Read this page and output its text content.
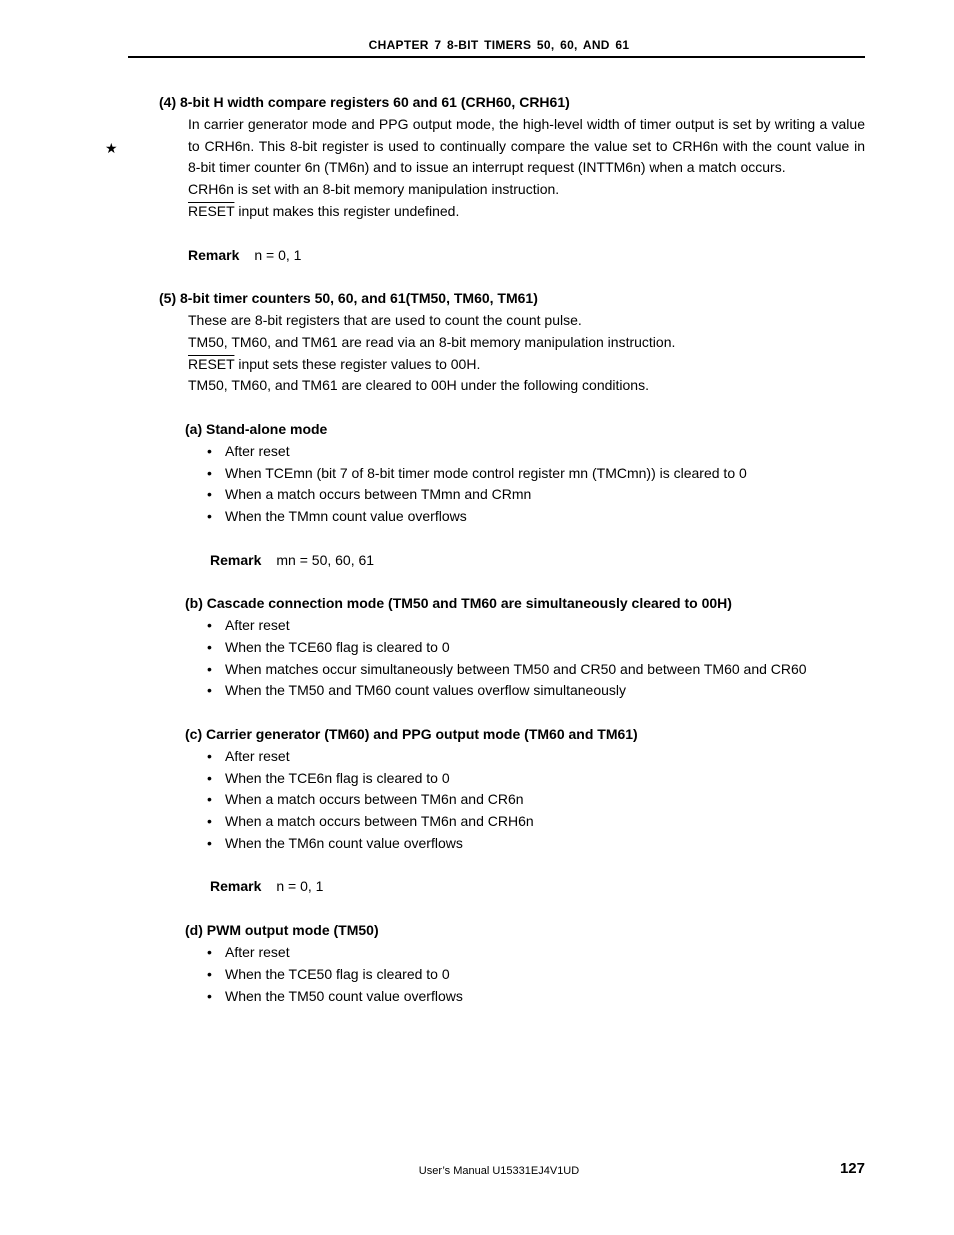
CHAPTER 7 8-BIT TIMERS 50, 60, AND 61
★
(4) 8-bit H width compare registers 60 and 61 (CRH60, CRH61)
In carrier generator mode and PPG output mode, the high-level width of timer output is set by writing a value
to CRH6n. This 8-bit register is used to continually compare the value set to CRH6n with the count value in
8-bit timer counter 6n (TM6n) and to issue an interrupt request (INTTM6n) when a match occurs.
CRH6n is set with an 8-bit memory manipulation instruction.
RESET input makes this register undefined.
Remark n = 0, 1
(5) 8-bit timer counters 50, 60, and 61(TM50, TM60, TM61)
These are 8-bit registers that are used to count the count pulse.
TM50, TM60, and TM61 are read via an 8-bit memory manipulation instruction.
RESET input sets these register values to 00H.
TM50, TM60, and TM61 are cleared to 00H under the following conditions.
(a) Stand-alone mode
• After reset
• When TCEmn (bit 7 of 8-bit timer mode control register mn (TMCmn)) is cleared to 0
• When a match occurs between TMmn and CRmn
• When the TMmn count value overflows
Remark mn = 50, 60, 61
(b) Cascade connection mode (TM50 and TM60 are simultaneously cleared to 00H)
• After reset
• When the TCE60 flag is cleared to 0
• When matches occur simultaneously between TM50 and CR50 and between TM60 and CR60
• When the TM50 and TM60 count values overflow simultaneously
(c) Carrier generator (TM60) and PPG output mode (TM60 and TM61)
• After reset
• When the TCE6n flag is cleared to 0
• When a match occurs between TM6n and CR6n
• When a match occurs between TM6n and CRH6n
• When the TM6n count value overflows
Remark n = 0, 1
(d) PWM output mode (TM50)
• After reset
• When the TCE50 flag is cleared to 0
• When the TM50 count value overflows
User’s Manual U15331EJ4V1UD	127
